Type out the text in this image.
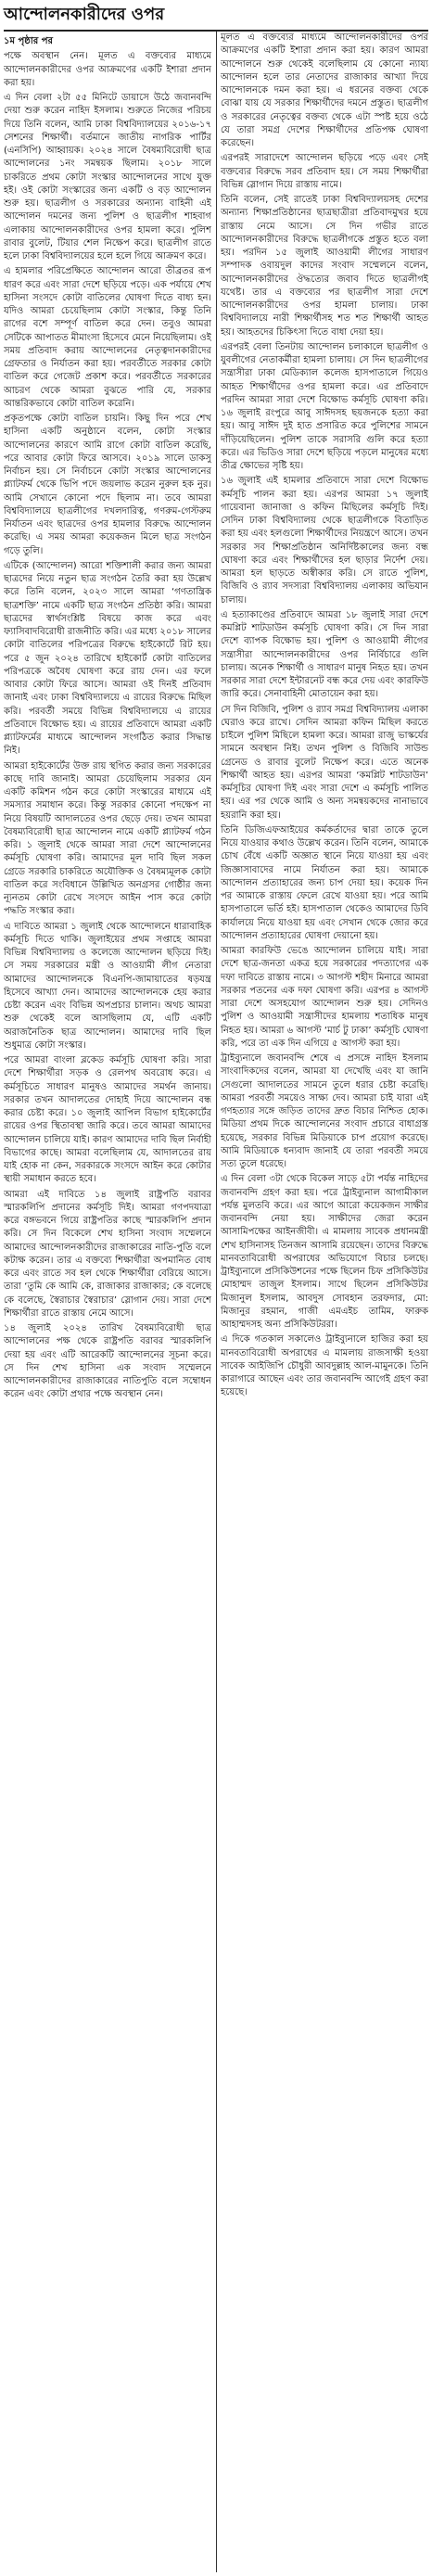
আন্দোলনকারীদের ওপর
১ম পৃষ্ঠার পর

পক্ষে অবস্থান নেন। মূলত এ বক্তব্যের মাধ্যমে আন্দোলনকারীদের ওপর আক্রমণের একটি ইশারা প্রদান করা হয়।

এ দিন বেলা ২টা ৫৫ মিনিটে ডায়াসে উঠে জবানবন্দি দেয়া শুরু করেন নাহিদ ইসলাম। শুরুতে নিজের পরিচয় দিয়ে তিনি বলেন, আমি ঢাকা বিশ্ববিদ্যালয়ের ২০১৬-১৭ সেশনের শিক্ষার্থী। বর্তমানে জাতীয় নাগরিক পার্টির (এনসিপি) আহ্বায়ক। ২০২৪ সালে বৈষম্যবিরোধী ছাত্র আন্দোলনের ১নং সমন্বয়ক ছিলাম। ২০১৮ সালে চাকরিতে প্রথম কোটা সংস্কার আন্দোলনের সাথে যুক্ত হই। ওই কোটা সংস্কারের জন্য একটি ও বড় আন্দোলন শুরু হয়। ছাত্রলীগ ও সরকারের অন্যান্য বাহিনী এই আন্দোলন দমনের জন্য পুলিশ ও ছাত্রলীগ শাহবাগ এলাকায় আন্দোলনকারীদের ওপর হামলা করে। পুলিশ রাবার বুলেট, টিয়ার শেল নিক্ষেপ করে। ছাত্রলীগ রাতে হলে ঢাকা বিশ্ববিদ্যালয়ের হলে হলে গিয়ে আক্রমণ করে।

এ হামলার পরিপ্রেক্ষিতে আন্দোলন আরো তীব্রতর রূপ ধারণ করে এবং সারা দেশে ছড়িয়ে পড়ে। এক পর্যায়ে শেখ হাসিনা সংসদে কোটা বাতিলের ঘোষণা দিতে বাধ্য হন। যদিও আমরা চেয়েছিলাম কোটা সংস্কার, কিন্তু তিনি রাগের বশে সম্পূর্ণ বাতিল করে দেন। তবুও আমরা সেটিকে আপাতত মীমাংসা হিসেবে মেনে নিয়েছিলাম। ওই সময় প্রতিবাদ করায় আন্দোলনের নেতৃত্বদানকারীদের গ্রেফতার ও নির্যাতন করা হয়। পরবর্তীতে সরকার কোটা বাতিল করে গেজেট প্রকাশ করে। পরবর্তীতে সরকারের আচরণ থেকে আমরা বুঝতে পারি যে, সরকার আন্তরিকভাবে কোটা বাতিল করেনি।

প্রকৃতপক্ষে কোটা বাতিল চায়নি। কিছু দিন পরে শেখ হাসিনা একটি অনুষ্ঠানে বলেন, কোটা সংস্কার আন্দোলনের কারণে আমি রাগে কোটা বাতিল করেছি, পরে আবার কোটা ফিরে আসবে। ২০১৯ সালে ডাকসু নির্বাচন হয়। সে নির্বাচনে কোটা সংস্কার আন্দোলনের প্ল্যাটফর্ম থেকে ভিপি পদে জয়লাভ করেন নুরুল হক নুর। আমি সেখানে কোনো পদে ছিলাম না। তবে আমরা বিশ্ববিদ্যালয়ে ছাত্রলীগের দখলদারিত্ব, গণরুম-গেস্টরুম নির্যাতন এবং ছাত্রদের ওপর হামলার বিরুদ্ধে আন্দোলন করেছি। এ সময় আমরা কয়েকজন মিলে ছাত্র সংগঠন গড়ে তুলি।

এটিকে (আন্দোলন) আরো শক্তিশালী করার জন্য আমরা ছাত্রদের নিয়ে নতুন ছাত্র সংগঠন তৈরি করা হয় উল্লেখ করে তিনি বলেন, ২০২৩ সালে আমরা ‘গণতান্ত্রিক ছাত্রশক্তি’ নামে একটি ছাত্র সংগঠন প্রতিষ্ঠা করি। আমরা ছাত্রদের স্বার্থসংশ্লিষ্ট বিষয়ে কাজ করে এবং ফ্যাসিবাদবিরোধী রাজনীতি করি। এর মধ্যে ২০১৮ সালের কোটা বাতিলের পরিপত্রের বিরুদ্ধে হাইকোর্টে রিট হয়। পরে ৫ জুন ২০২৪ তারিখে হাইকোর্ট কোটা বাতিলের পরিপত্রকে অবৈধ ঘোষণা করে রায় দেন। এর ফলে আবার কোটা ফিরে আসে। আমরা ওই দিনই প্রতিবাদ জানাই এবং ঢাকা বিশ্ববিদ্যালয়ে এ রায়ের বিরুদ্ধে মিছিল করি। পরবর্তী সময়ে বিভিন্ন বিশ্ববিদ্যালয়ে এ রায়ের প্রতিবাদে বিক্ষোভ হয়। এ রায়ের প্রতিবাদে আমরা একটি প্ল্যাটফর্মের মাধ্যমে আন্দোলন সংগঠিত করার সিদ্ধান্ত নিই।

আমরা হাইকোর্টের উক্ত রায় স্থগিত করার জন্য সরকারের কাছে দাবি জানাই। আমরা চেয়েছিলাম সরকার যেন একটি কমিশন গঠন করে কোটা সংস্কারের মাধ্যমে এই সমস্যার সমাধান করে। কিন্তু সরকার কোনো পদক্ষেপ না নিয়ে বিষয়টি আদালতের ওপর ছেড়ে দেয়। তখন আমরা বৈষম্যবিরোধী ছাত্র আন্দোলন নামে একটি প্ল্যাটফর্ম গঠন করি। ১ জুলাই থেকে আমরা সারা দেশে আন্দোলনের কর্মসূচি ঘোষণা করি। আমাদের মূল দাবি ছিল সকল গ্রেডে সরকারি চাকরিতে অযৌক্তিক ও বৈষম্যমূলক কোটা বাতিল করে সংবিধানে উল্লিখিত অনগ্রসর গোষ্ঠীর জন্য ন্যূনতম কোটা রেখে সংসদে আইন পাস করে কোটা পদ্ধতি সংস্কার করা।

এ দাবিতে আমরা ১ জুলাই থেকে আন্দোলনে ধারাবাহিক কর্মসূচি দিতে থাকি। জুলাইয়ের প্রথম সপ্তাহে আমরা বিভিন্ন বিশ্ববিদ্যালয় ও কলেজে আন্দোলন ছড়িয়ে দিই। সে সময় সরকারের মন্ত্রী ও আওয়ামী লীগ নেতারা আমাদের আন্দোলনকে বিএনপি-জামায়াতের ষড়যন্ত্র হিসেবে আখ্যা দেন। আমাদের আন্দোলনকে হেয় করার চেষ্টা করেন এবং বিভিন্ন অপপ্রচার চালান। অথচ আমরা শুরু থেকেই বলে আসছিলাম যে, এটি একটি অরাজনৈতিক ছাত্র আন্দোলন। আমাদের দাবি ছিল শুধুমাত্র কোটা সংস্কার।

পরে আমরা বাংলা ব্লকেড কর্মসূচি ঘোষণা করি। সারা দেশে শিক্ষার্থীরা সড়ক ও রেলপথ অবরোধ করে। এ কর্মসূচিতে সাধারণ মানুষও আমাদের সমর্থন জানায়। সরকার তখন আদালতের দোহাই দিয়ে আন্দোলন বন্ধ করার চেষ্টা করে। ১০ জুলাই আপিল বিভাগ হাইকোর্টের রায়ের ওপর স্থিতাবস্থা জারি করে। তবে আমরা আমাদের আন্দোলন চালিয়ে যাই। কারণ আমাদের দাবি ছিল নির্বাহী বিভাগের কাছে। আমরা বলেছিলাম যে, আদালতের রায় যাই হোক না কেন, সরকারকে সংসদে আইন করে কোটার স্থায়ী সমাধান করতে হবে।

আমরা এই দাবিতে ১৪ জুলাই রাষ্ট্রপতি বরাবর স্মারকলিপি প্রদানের কর্মসূচি দিই। আমরা গণপদযাত্রা করে বঙ্গভবনে গিয়ে রাষ্ট্রপতির কাছে স্মারকলিপি প্রদান করি। সে দিন বিকেলে শেখ হাসিনা সংবাদ সম্মেলনে আমাদের আন্দোলনকারীদের রাজাকারের নাতি-পুতি বলে কটাক্ষ করেন। তার এ বক্তব্যে শিক্ষার্থীরা অপমানিত বোধ করে এবং রাতে সব হল থেকে শিক্ষার্থীরা বেরিয়ে আসে। তারা ‘তুমি কে আমি কে, রাজাকার রাজাকার; কে বলেছে কে বলেছে, স্বৈরাচার স্বৈরাচার’ স্লোগান দেয়। সারা দেশে শিক্ষার্থীরা রাতে রাস্তায় নেমে আসে।

১৪ জুলাই ২০২৪ তারিখ বৈষম্যবিরোধী ছাত্র আন্দোলনের পক্ষ থেকে রাষ্ট্রপতি বরাবর স্মারকলিপি দেয়া হয় এবং এটি আরেকটি আন্দোলনের সূচনা করে। সে দিন শেখ হাসিনা এক সংবাদ সম্মেলনে আন্দোলনকারীদের রাজাকারের নাতিপুতি বলে সম্বোধন করেন এবং কোটা প্রথার পক্ষে অবস্থান নেন।

মূলত এ বক্তব্যের মাধ্যমে আন্দোলনকারীদের ওপর আক্রমণের একটি ইশারা প্রদান করা হয়। কারণ আমরা আন্দোলনে শুরু থেকেই বলেছিলাম যে কোনো ন্যায্য আন্দোলন হলে তার নেতাদের রাজাকার আখ্যা দিয়ে আন্দোলনকে দমন করা হয়। এ ধরনের বক্তব্য থেকে বোঝা যায় যে সরকার শিক্ষার্থীদের দমনে প্রস্তুত। ছাত্রলীগ ও সরকারের নেতৃত্বের বক্তব্য থেকে এটা স্পষ্ট হয়ে ওঠে যে তারা সমগ্র দেশের শিক্ষার্থীদের প্রতিপক্ষ ঘোষণা করেছেন।

এরপরই সারাদেশে আন্দোলন ছড়িয়ে পড়ে এবং সেই বক্তব্যের বিরুদ্ধে সরব প্রতিবাদ হয়। সে সময় শিক্ষার্থীরা বিভিন্ন স্লোগান দিয়ে রাস্তায় নামে।

তিনি বলেন, সেই রাতেই ঢাকা বিশ্ববিদ্যালয়সহ দেশের অন্যান্য শিক্ষাপ্রতিষ্ঠানের ছাত্রছাত্রীরা প্রতিবাদমুখর হয়ে রাস্তায় নেমে আসে। সে দিন গভীর রাতে আন্দোলনকারীদের বিরুদ্ধে ছাত্রলীগকে প্রস্তুত হতে বলা হয়। পরদিন ১৫ জুলাই আওয়ামী লীগের সাধারণ সম্পাদক ওবায়দুল কাদের সংবাদ সম্মেলনে বলেন, আন্দোলনকারীদের ঔদ্ধত্যের জবাব দিতে ছাত্রলীগই যথেষ্ট। তার এ বক্তব্যের পর ছাত্রলীগ সারা দেশে আন্দোলনকারীদের ওপর হামলা চালায়। ঢাকা বিশ্ববিদ্যালয়ে নারী শিক্ষার্থীসহ শত শত শিক্ষার্থী আহত হয়। আহতদের চিকিৎসা দিতে বাধা দেয়া হয়।

এরপরই বেলা তিনটায় আন্দোলন চলাকালে ছাত্রলীগ ও যুবলীগের নেতাকর্মীরা হামলা চালায়। সে দিন ছাত্রলীগের সন্ত্রাসীরা ঢাকা মেডিক্যাল কলেজ হাসপাতালে গিয়েও আহত শিক্ষার্থীদের ওপর হামলা করে। এর প্রতিবাদে পরদিন আমরা সারা দেশে বিক্ষোভ কর্মসূচি ঘোষণা করি। ১৬ জুলাই রংপুরে আবু সাঈদসহ ছয়জনকে হত্যা করা হয়। আবু সাঈদ দুই হাত প্রসারিত করে পুলিশের সামনে দাঁড়িয়েছিলেন। পুলিশ তাকে সরাসরি গুলি করে হত্যা করে। এর ভিডিও সারা দেশে ছড়িয়ে পড়লে মানুষের মধ্যে তীব্র ক্ষোভের সৃষ্টি হয়।

১৬ জুলাই এই হামলার প্রতিবাদে সারা দেশে বিক্ষোভ কর্মসূচি পালন করা হয়। এরপর আমরা ১৭ জুলাই গায়েবানা জানাজা ও কফিন মিছিলের কর্মসূচি দিই। সেদিন ঢাকা বিশ্ববিদ্যালয় থেকে ছাত্রলীগকে বিতাড়িত করা হয় এবং হলগুলো শিক্ষার্থীদের নিয়ন্ত্রণে আসে। তখন সরকার সব শিক্ষাপ্রতিষ্ঠান অনির্দিষ্টকালের জন্য বন্ধ ঘোষণা করে এবং শিক্ষার্থীদের হল ছাড়ার নির্দেশ দেয়। আমরা হল ছাড়তে অস্বীকার করি। সে রাতে পুলিশ, বিজিবি ও র‍্যাব সদস্যরা বিশ্ববিদ্যালয় এলাকায় অভিযান চালায়।

এ হত্যাকাণ্ডের প্রতিবাদে আমরা ১৮ জুলাই সারা দেশে কমপ্লিট শাটডাউন কর্মসূচি ঘোষণা করি। সে দিন সারা দেশে ব্যাপক বিক্ষোভ হয়। পুলিশ ও আওয়ামী লীগের সন্ত্রাসীরা আন্দোলনকারীদের ওপর নির্বিচারে গুলি চালায়। অনেক শিক্ষার্থী ও সাধারণ মানুষ নিহত হয়। তখন সরকার সারা দেশে ইন্টারনেট বন্ধ করে দেয় এবং কারফিউ জারি করে। সেনাবাহিনী মোতায়েন করা হয়।

সে দিন বিজিবি, পুলিশ ও র‍্যাব সমগ্র বিশ্ববিদ্যালয় এলাকা ঘেরাও করে রাখে। সেদিন আমরা কফিন মিছিল করতে চাইলে পুলিশ মিছিলে হামলা করে। আমরা রাজু ভাস্কর্যের সামনে অবস্থান নিই। তখন পুলিশ ও বিজিবি সাউন্ড গ্রেনেড ও রাবার বুলেট নিক্ষেপ করে। এতে অনেক শিক্ষার্থী আহত হয়। এরপর আমরা ‘কমপ্লিট শাটডাউন’ কর্মসূচির ঘোষণা দিই এবং সারা দেশে এ কর্মসূচি পালিত হয়। এর পর থেকে আমি ও অন্য সমন্বয়কদের নানাভাবে হয়রানি করা হয়।

তিনি ডিজিএফআইয়ের কর্মকর্তাদের দ্বারা তাকে তুলে নিয়ে যাওয়ার কথাও উল্লেখ করেন। তিনি বলেন, আমাকে চোখ বেঁধে একটি অজ্ঞাত স্থানে নিয়ে যাওয়া হয় এবং জিজ্ঞাসাবাদের নামে নির্যাতন করা হয়। আমাকে আন্দোলন প্রত্যাহারের জন্য চাপ দেয়া হয়। কয়েক দিন পর আমাকে রাস্তায় ফেলে রেখে যাওয়া হয়। পরে আমি হাসপাতালে ভর্তি হই। হাসপাতাল থেকেও আমাদের ডিবি কার্যালয়ে নিয়ে যাওয়া হয় এবং সেখান থেকে জোর করে আন্দোলন প্রত্যাহারের ঘোষণা দেয়ানো হয়।

আমরা কারফিউ ভেঙে আন্দোলন চালিয়ে যাই। সারা দেশে ছাত্র-জনতা একত্র হয়ে সরকারের পদত্যাগের এক দফা দাবিতে রাস্তায় নামে। ৩ আগস্ট শহীদ মিনারে আমরা সরকার পতনের এক দফা ঘোষণা করি। এরপর ৪ আগস্ট সারা দেশে অসহযোগ আন্দোলন শুরু হয়। সেদিনও পুলিশ ও আওয়ামী সন্ত্রাসীদের হামলায় শতাধিক মানুষ নিহত হয়। আমরা ৬ আগস্ট ‘মার্চ টু ঢাকা’ কর্মসূচি ঘোষণা করি, পরে তা এক দিন এগিয়ে ৫ আগস্ট করা হয়।

ট্রাইব্যুনালে জবানবন্দি শেষে এ প্রসঙ্গে নাহিদ ইসলাম সাংবাদিকদের বলেন, আমরা যা দেখেছি এবং যা জানি সেগুলো আদালতের সামনে তুলে ধরার চেষ্টা করেছি। আমরা পরবর্তী সময়েও সাক্ষ্য দেব। আমরা চাই যারা এই গণহত্যার সঙ্গে জড়িত তাদের দ্রুত বিচার নিশ্চিত হোক। মিডিয়া প্রথম দিকে আন্দোলনের সংবাদ প্রচারে বাধাগ্রস্ত হয়েছে, সরকার বিভিন্ন মিডিয়াকে চাপ প্রয়োগ করেছে। আমি মিডিয়াকে ধন্যবাদ জানাই যে তারা পরবর্তী সময়ে সত্য তুলে ধরেছে।

এ দিন বেলা ৩টা থেকে বিকেল সাড়ে ৫টা পর্যন্ত নাহিদের জবানবন্দি গ্রহণ করা হয়। পরে ট্রাইব্যুনাল আগামীকাল পর্যন্ত মুলতবি করে। এর আগে আরো কয়েকজন সাক্ষীর জবানবন্দি নেয়া হয়। সাক্ষীদের জেরা করেন আসামিপক্ষের আইনজীবী। এ মামলায় সাবেক প্রধানমন্ত্রী শেখ হাসিনাসহ তিনজন আসামি রয়েছেন। তাদের বিরুদ্ধে মানবতাবিরোধী অপরাধের অভিযোগে বিচার চলছে। ট্রাইব্যুনালে প্রসিকিউশনের পক্ষে ছিলেন চিফ প্রসিকিউটর মোহাম্মদ তাজুল ইসলাম। সাথে ছিলেন প্রসিকিউটর মিজানুল ইসলাম, আবদুস সোবহান তরফদার, মো: মিজানুর রহমান, গাজী এমএইচ তামিম, ফারুক আহাম্মদসহ অন্য প্রসিকিউটররা।

এ দিকে গতকাল সকালেও ট্রাইব্যুনালে হাজির করা হয় মানবতাবিরোধী অপরাধের এ মামলায় রাজসাক্ষী হওয়া সাবেক আইজিপি চৌধুরী আবদুল্লাহ আল-মামুনকে। তিনি কারাগারে আছেন এবং তার জবানবন্দি আগেই গ্রহণ করা হয়েছে।
